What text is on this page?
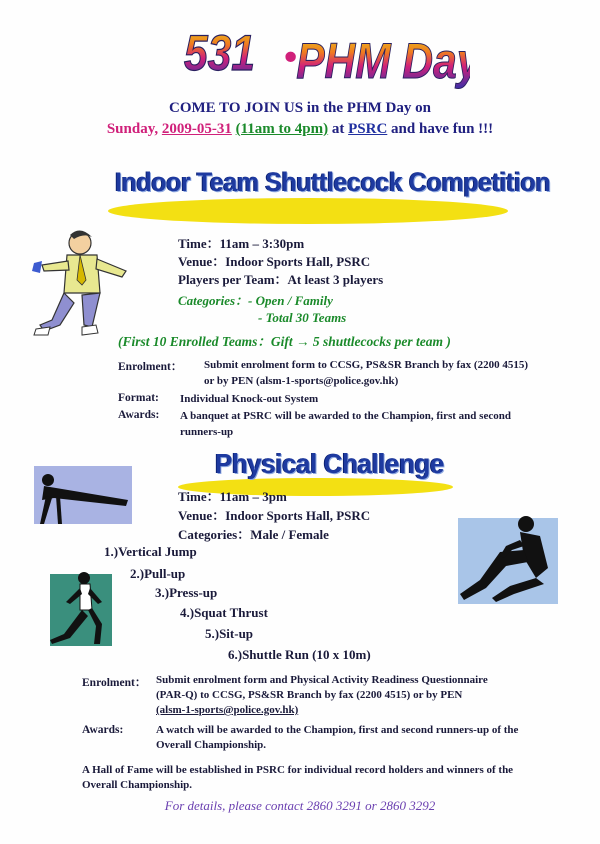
531 •
PHM Day
COME TO JOIN US in the PHM Day on
Sunday, 2009-05-31 (11am to 4pm) at PSRC and have fun !!!
Indoor Team Shuttlecock Competition
Time：11am – 3:30pm
Venue：Indoor Sports Hall, PSRC
Players per Team：At least 3 players
Categories：- Open / Family
- Total 30 Teams
(First 10 Enrolled Teams：Gift → 5 shuttlecocks per team )
Enrolment： Submit enrolment form to CCSG, PS&SR Branch by fax (2200 4515)
or by PEN (alsm-1-sports@police.gov.hk)
Format: Individual Knock-out System
Awards: A banquet at PSRC will be awarded to the Champion, first and second
runners-up
Physical Challenge
Time：11am – 3pm
Venue：Indoor Sports Hall, PSRC
Categories：Male / Female
1.)Vertical Jump
2.)Pull-up
3.)Press-up
4.)Squat Thrust
5.)Sit-up
6.)Shuttle Run (10 x 10m)
Enrolment： Submit enrolment form and Physical Activity Readiness Questionnaire
(PAR-Q) to CCSG, PS&SR Branch by fax (2200 4515) or by PEN
(alsm-1-sports@police.gov.hk)
Awards:	A watch will be awarded to the Champion, first and second runners-up of the
Overall Championship.
A Hall of Fame will be established in PSRC for individual record holders and winners of the
Overall Championship.
For details, please contact 2860 3291 or 2860 3292
